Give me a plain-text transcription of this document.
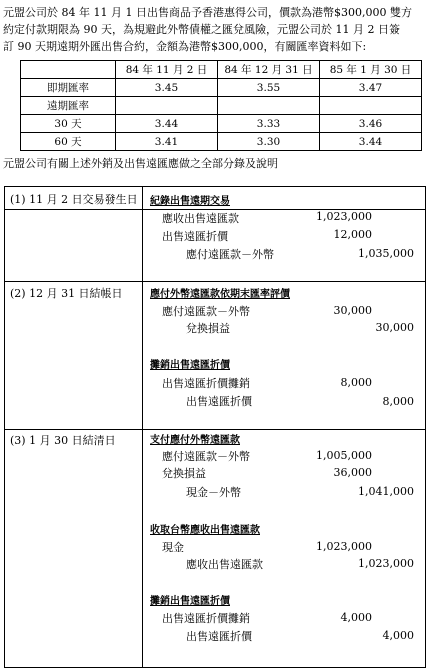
元盟公司於 84 年 11 月 1 日出售商品予香港惠得公司，價款為港幣$300,000 雙方
約定付款期限為 90 天，為規避此外幣債權之匯兌風險，元盟公司於 11 月 2 日簽
訂 90 天期遠期外匯出售合約，金額為港幣$300,000，有關匯率資料如下:
	84 年 11 月 2 日	84 年 12 月 31 日	85 年 1 月 30 日
即期匯率	3.45	3.55	3.47
遠期匯率			
30 天	3.44	3.33	3.46
60 天	3.41	3.30	3.44
元盟公司有關上述外銷及出售遠匯應做之全部分錄及說明
(1) 11 月 2 日交易發生日 紀錄出售遠期交易
應收出售遠匯款	1,023,000
出售遠匯折價	12,000
應付遠匯款－外幣	1,035,000
(2) 12 月 31 日結帳日	應付外幣遠匯款依期末匯率評價
應付遠匯款－外幣	30,000
兌換損益	30,000
攤銷出售遠匯折價
出售遠匯折價攤銷	8,000
出售遠匯折價	8,000
(3) 1 月 30 日結清日	支付應付外幣遠匯款
應付遠匯款－外幣	1,005,000
兌換損益	36,000
現金－外幣	1,041,000
收取台幣應收出售遠匯款
現金	1,023,000
應收出售遠匯款	1,023,000
攤銷出售遠匯折價
出售遠匯折價攤銷	4,000
出售遠匯折價	4,000
